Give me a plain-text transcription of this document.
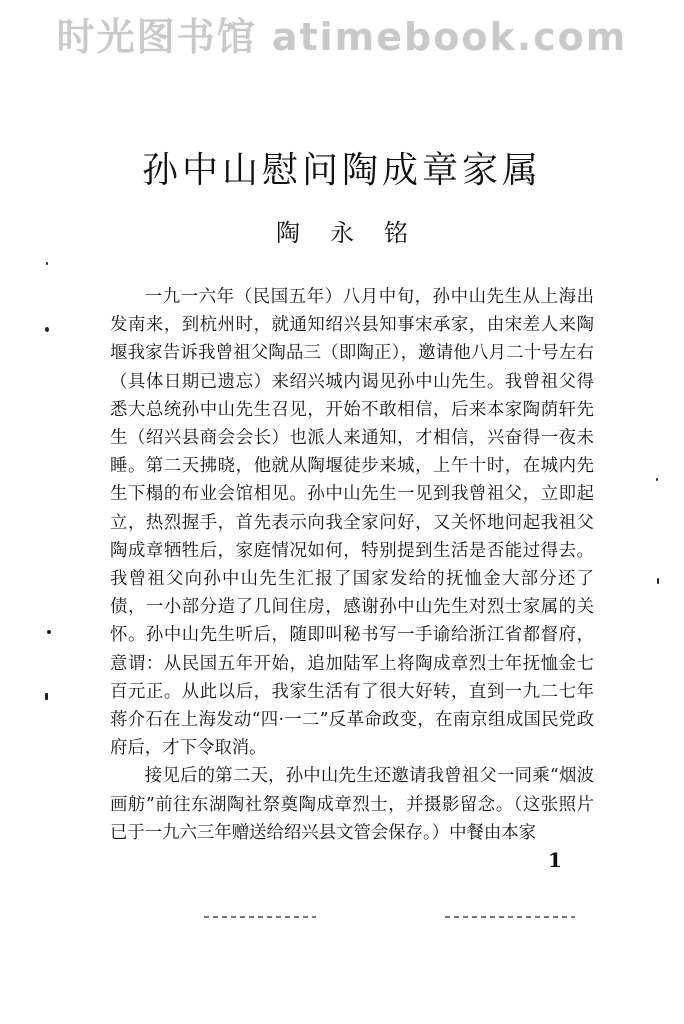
时光图书馆 atimebook.com
孙中山慰问陶成章家属
陶永铭

一九一六年（民国五年）八月中旬，孙中山先生从上海出发南来，到杭州时，就通知绍兴县知事宋承家，由宋差人来陶堰我家告诉我曾祖父陶品三（即陶正），邀请他八月二十号左右（具体日期已遗忘）来绍兴城内谒见孙中山先生。我曾祖父得悉大总统孙中山先生召见，开始不敢相信，后来本家陶荫轩先生（绍兴县商会会长）也派人来通知，才相信，兴奋得一夜未睡。第二天拂晓，他就从陶堰徒步来城，上午十时，在城内先生下榻的布业会馆相见。孙中山先生一见到我曾祖父，立即起立，热烈握手，首先表示向我全家问好，又关怀地问起我祖父陶成章牺牲后，家庭情况如何，特别提到生活是否能过得去。我曾祖父向孙中山先生汇报了国家发给的抚恤金大部分还了债，一小部分造了几间住房，感谢孙中山先生对烈士家属的关怀。孙中山先生听后，随即叫秘书写一手谕给浙江省都督府，意谓：从民国五年开始，追加陆军上将陶成章烈士年抚恤金七百元正。从此以后，我家生活有了很大好转，直到一九二七年蒋介石在上海发动“四·一二”反革命政变，在南京组成国民党政府后，才下令取消。

接见后的第二天，孙中山先生还邀请我曾祖父一同乘“烟波画舫”前往东湖陶社祭奠陶成章烈士，并摄影留念。（这张照片已于一九六三年赠送给绍兴县文管会保存。）中餐由本家

1
